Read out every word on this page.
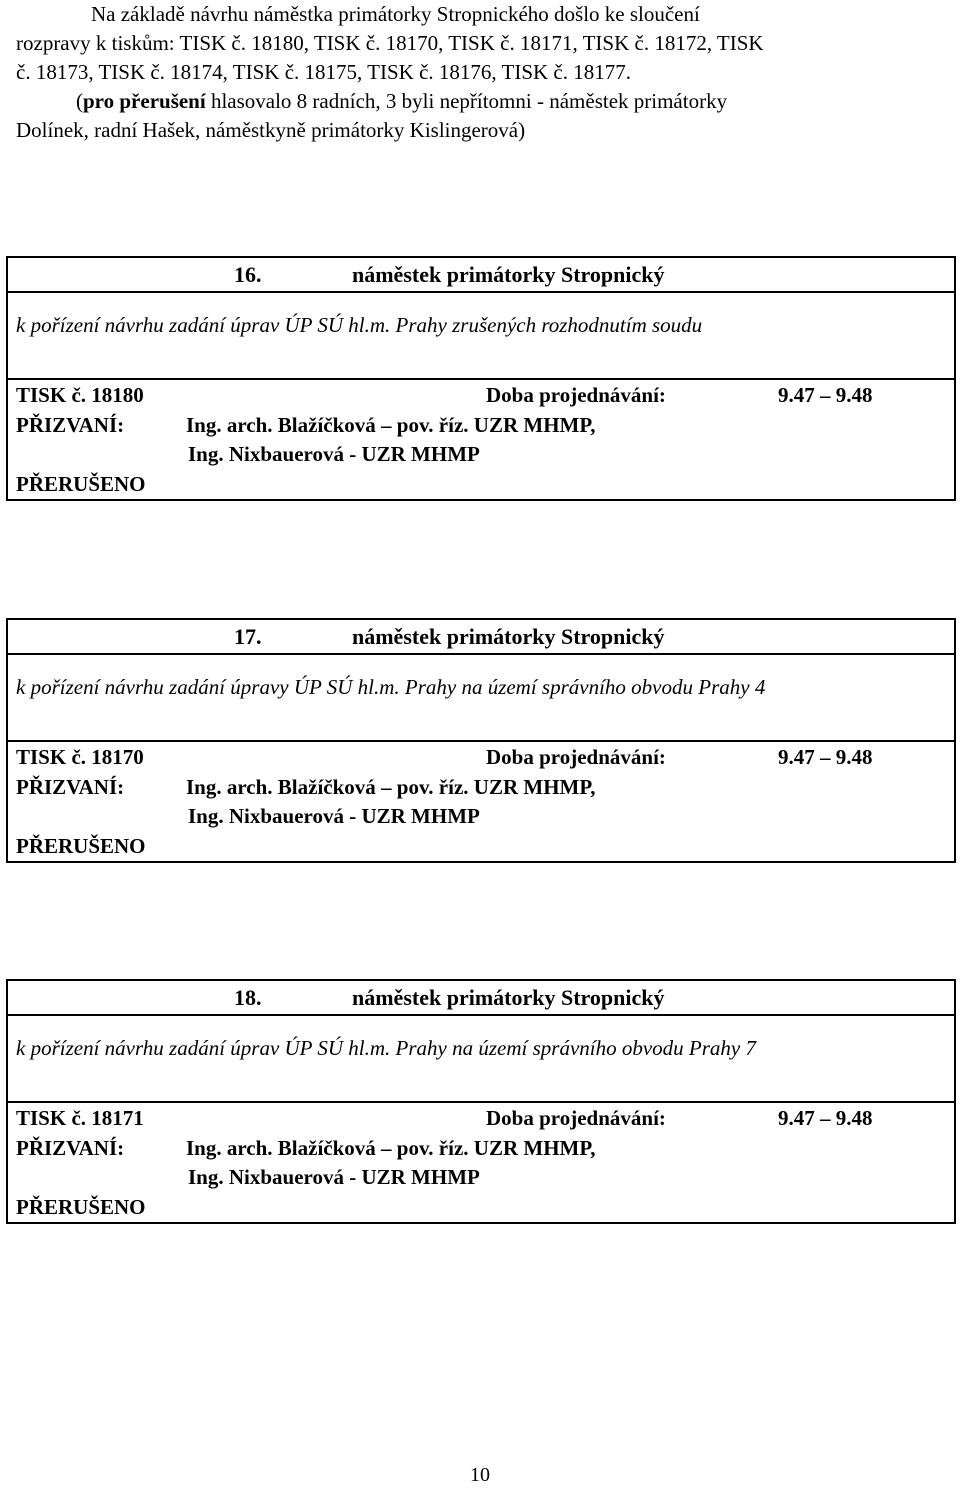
Na základě návrhu náměstka primátorky Stropnického došlo ke sloučení

rozpravy k tiskům: TISK č. 18180, TISK č. 18170, TISK č. 18171, TISK č. 18172, TISK

č. 18173, TISK č. 18174, TISK č. 18175, TISK č. 18176, TISK č. 18177.

(pro přerušení hlasovalo 8 radních, 3 byli nepřítomni - náměstek primátorky

Dolínek, radní Hašek, náměstkyně primátorky Kislingerová)

16.	náměstek primátorky Stropnický
k pořízení návrhu zadání úprav ÚP SÚ hl.m. Prahy zrušených rozhodnutím soudu
TISK č. 18180	Doba projednávání:	9.47 – 9.48
PŘIZVANÍ:	Ing. arch. Blažíčková – pov. říz. UZR MHMP,
Ing. Nixbauerová - UZR MHMP
PŘERUŠENO
17.	náměstek primátorky Stropnický
k pořízení návrhu zadání úpravy ÚP SÚ hl.m. Prahy na území správního obvodu Prahy 4
TISK č. 18170	Doba projednávání:	9.47 – 9.48
PŘIZVANÍ:	Ing. arch. Blažíčková – pov. říz. UZR MHMP,
Ing. Nixbauerová - UZR MHMP
PŘERUŠENO
18.	náměstek primátorky Stropnický
k pořízení návrhu zadání úprav ÚP SÚ hl.m. Prahy na území správního obvodu Prahy 7
TISK č. 18171	Doba projednávání:	9.47 – 9.48
PŘIZVANÍ:	Ing. arch. Blažíčková – pov. říz. UZR MHMP,
Ing. Nixbauerová - UZR MHMP
PŘERUŠENO
10
